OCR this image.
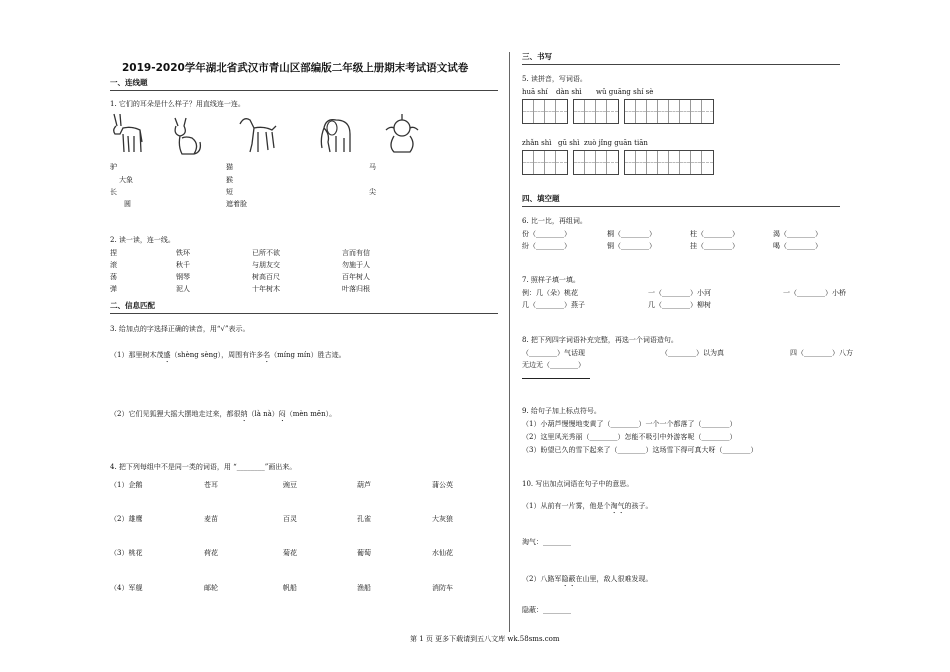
2019-2020学年湖北省武汉市青山区部编版二年级上册期末考试语文试卷
一、连线题
1. 它们的耳朵是什么样子？用直线连一连。
驴	猫	马
大象	猴
长	短	尖
圆	遮着脸
2. 读一读，连一线。
捏	铁环	已所不欲	言而有信
滚	秋千	与朋友交	勿施于人
荡	钢琴	树高百尺	百年树人
弹	泥人	十年树木	叶落归根
二、信息匹配
3. 给加点的字选择正确的读音，用“√”表示。
（1）那里树木茂盛（shèng sèng），周围有许多名（míng mín）胜古迹。
（2）它们见狐狸大摇大摆地走过来，都很纳（là nà）闷（mèn mēn）。
4. 把下列每组中不是同一类的词语，用 “________”画出来。
（1）企鹅	苍耳	豌豆	葫芦	蒲公英
（2）雄鹰	麦苗	百灵	孔雀	大灰狼
（3）桃花	荷花	菊花	葡萄	水仙花
（4）军舰	邮轮	帆船	渔船	消防车
三、书写
5. 读拼音，写词语。
huā shí dàn shì wǔ guāng shí sè
zhǎn shì gū shì zuò jǐng guān tiān
四、填空题
6. 比一比，再组词。
份（________）	桐（________）	柱（________）	渴（________）
纷（________）	铜（________）	挂（________）	喝（________）
7. 照样子填一填。
例：几（朵）桃花	一（________）小河	一（________）小桥
几（________）燕子	几（________）柳树
8. 把下列四字词语补充完整，再选一个词语造句。
（________）气话现	（________）以为真	四（________）八方
无边无（________）
9. 给句子加上标点符号。
（1）小葫芦慢慢地变黄了（________）一个一个都落了（________）
（2）这里风光秀丽（________）怎能不吸引中外游客呢（________）
（3）盼望已久的雪下起来了（________）这场雪下得可真大呀（________）
10. 写出加点词语在句子中的意思。
（1）从前有一片雾，他是个淘气的孩子。
淘气：________
（2）八路军隐蔽在山里，敌人很难发现。
隐蔽：________
第 1 页 更多下载请到五八文库 wk.58sms.com
